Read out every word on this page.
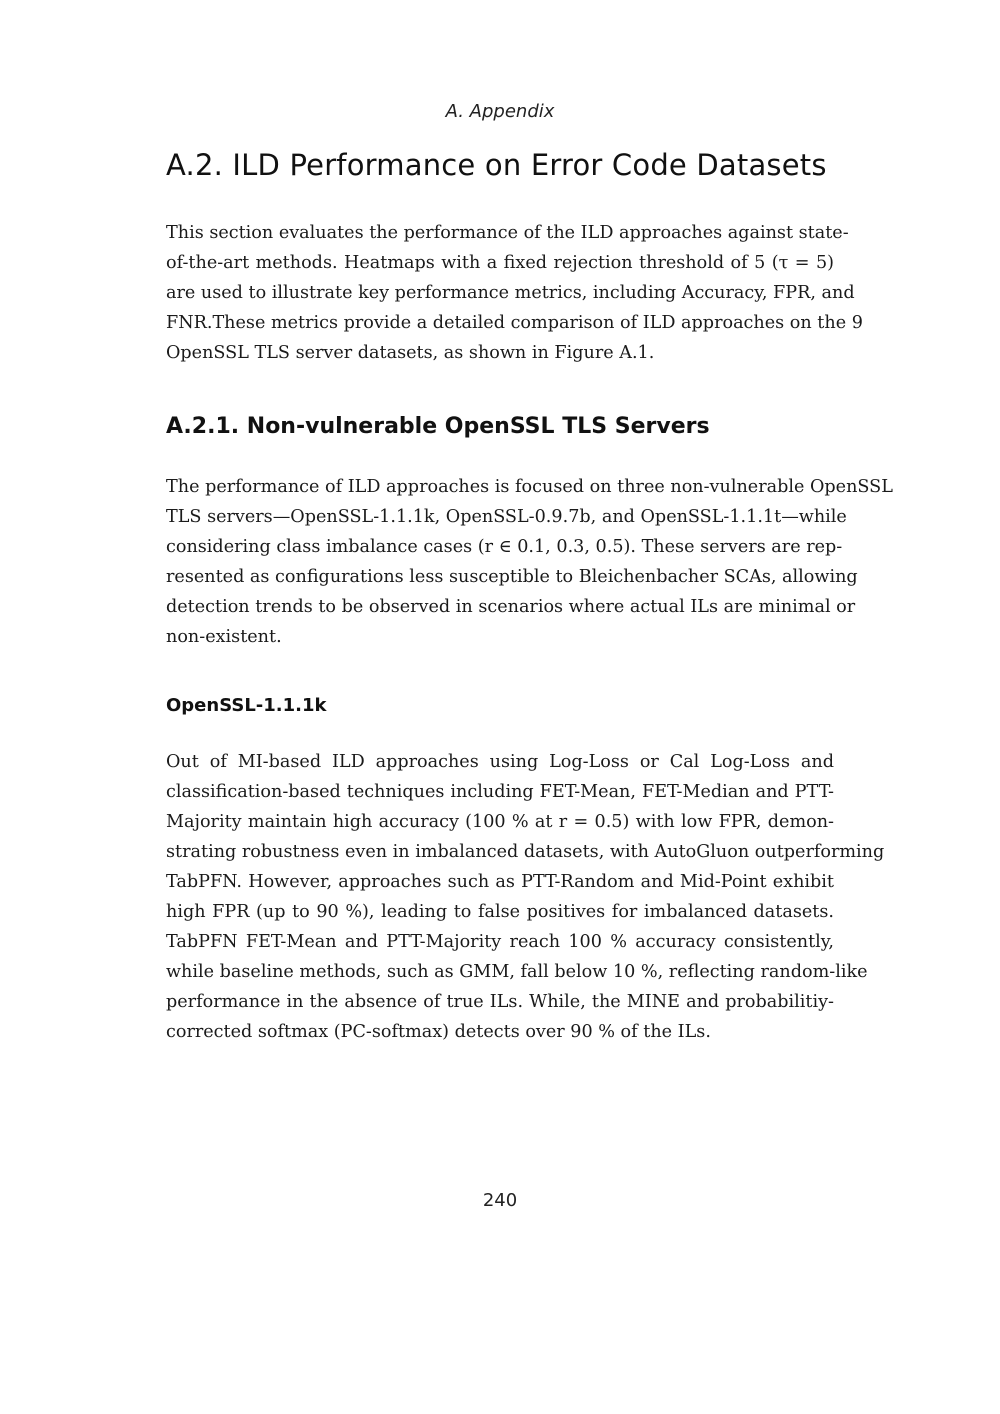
A. Appendix
A.2. ILD Performance on Error Code Datasets
This section evaluates the performance of the ILD approaches against state-
of-the-art methods. Heatmaps with a fixed rejection threshold of 5 (τ = 5)
are used to illustrate key performance metrics, including Accuracy, FPR, and
FNR.These metrics provide a detailed comparison of ILD approaches on the 9
OpenSSL TLS server datasets, as shown in Figure A.1.
A.2.1. Non-vulnerable OpenSSL TLS Servers
The performance of ILD approaches is focused on three non-vulnerable OpenSSL
TLS servers—OpenSSL-1.1.1k, OpenSSL-0.9.7b, and OpenSSL-1.1.1t—while
considering class imbalance cases (r ∈ 0.1, 0.3, 0.5). These servers are rep-
resented as configurations less susceptible to Bleichenbacher SCAs, allowing
detection trends to be observed in scenarios where actual ILs are minimal or
non-existent.
OpenSSL-1.1.1k
Out of MI-based ILD approaches using Log-Loss or Cal Log-Loss and
classification-based techniques including FET-Mean, FET-Median and PTT-
Majority maintain high accuracy (100 % at r = 0.5) with low FPR, demon-
strating robustness even in imbalanced datasets, with AutoGluon outperforming
TabPFN. However, approaches such as PTT-Random and Mid-Point exhibit
high FPR (up to 90 %), leading to false positives for imbalanced datasets.
TabPFN FET-Mean and PTT-Majority reach 100 % accuracy consistently,
while baseline methods, such as GMM, fall below 10 %, reflecting random-like
performance in the absence of true ILs. While, the MINE and probabilitiy-
corrected softmax (PC-softmax) detects over 90 % of the ILs.
240
